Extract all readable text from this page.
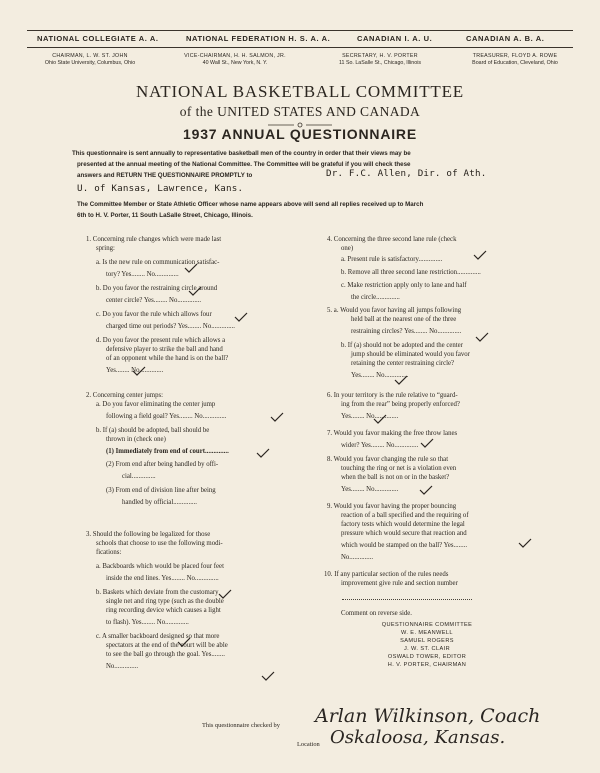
NATIONAL COLLEGIATE A. A.	NATIONAL FEDERATION H. S. A. A.	CANADIAN I. A. U.	CANADIAN A. B. A.
CHAIRMAN, L. W. ST. JOHN
Ohio State University, Columbus, Ohio
VICE-CHAIRMAN, H. H. SALMON, JR.
40 Wall St., New York, N. Y.
SECRETARY, H. V. PORTER
11 So. LaSalle St., Chicago, Illinois
TREASURER, FLOYD A. ROWE
Board of Education, Cleveland, Ohio
NATIONAL BASKETBALL COMMITTEE
of the UNITED STATES AND CANADA
1937 ANNUAL QUESTIONNAIRE
This questionnaire is sent annually to representative basketball men of the country in order that their views may be
presented at the annual meeting of the National Committee. The Committee will be grateful if you will check these
answers and RETURN THE QUESTIONNAIRE PROMPTLY to	Dr. F.C. Allen, Dir. of Ath.
U. of Kansas, Lawrence, Kans.
The Committee Member or State Athletic Officer whose name appears above will send all replies received up to March
6th to H. V. Porter, 11 South LaSalle Street, Chicago, Illinois.
1. Concerning rule changes which were made last
spring:
a. Is the new rule on communication satisfac-
tory? Yes........ No..............
b. Do you favor the restraining circle around
center circle? Yes........ No..............
c. Do you favor the rule which allows four
charged time out periods? Yes........ No..............
d. Do you favor the present rule which allows a
defensive player to strike the ball and hand
of an opponent while the hand is on the ball?
Yes........ No..............
2. Concerning center jumps:
a. Do you favor eliminating the center jump
following a field goal? Yes........ No..............
b. If (a) should be adopted, ball should be
thrown in (check one)
(1) Immediately from end of court..............
(2) From end after being handled by offi-
cial..............
(3) From end of division line after being
handled by official..............
3. Should the following be legalized for those
schools that choose to use the following modi-
fications:
a. Backboards which would be placed four feet
inside the end lines. Yes........ No..............
b. Baskets which deviate from the customary
single net and ring type (such as the double
ring recording device which causes a light
to flash). Yes........ No..............
c. A smaller backboard designed so that more
spectators at the end of the court will be able
to see the ball go through the goal. Yes........
No..............
4. Concerning the three second lane rule (check
one)
a. Present rule is satisfactory..............
b. Remove all three second lane restriction..............
c. Make restriction apply only to lane and half
the circle..............
5. a. Would you favor having all jumps following
held ball at the nearest one of the three
restraining circles? Yes........ No..............
b. If (a) should not be adopted and the center
jump should be eliminated would you favor
retaining the center restraining circle?
Yes........ No..............
6. In your territory is the rule relative to “guard-
ing from the rear” being properly enforced?
Yes........ No..............
7. Would you favor making the free throw lanes
wider? Yes........ No..............
8. Would you favor changing the rule so that
touching the ring or net is a violation even
when the ball is not on or in the basket?
Yes........ No..............
9. Would you favor having the proper bouncing
reaction of a ball specified and the requiring of
factory tests which would determine the legal
pressure which would secure that reaction and
which would be stamped on the ball? Yes........
No..............
10. If any particular section of the rules needs
improvement give rule and section number
Comment on reverse side.
QUESTIONNAIRE COMMITTEE
W. E. MEANWELL
SAMUEL ROGERS
J. W. ST. CLAIR
OSWALD TOWER, EDITOR
H. V. PORTER, CHAIRMAN
This questionnaire checked by Arlan Wilkinson, Coach
Location Oskaloosa, Kansas.
